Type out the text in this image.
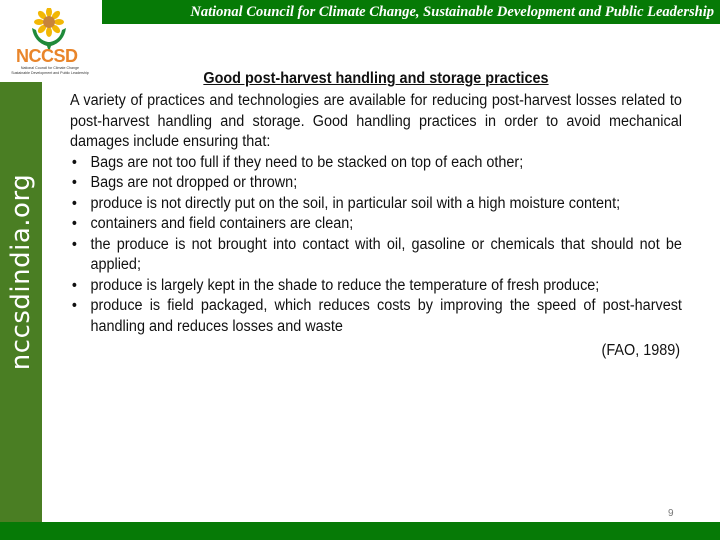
National Council for Climate Change, Sustainable Development and Public Leadership
NCCSD
National Council for Climate Change
Sustainable Development and Public Leadership
nccsdindia.org
Good post-harvest handling and storage practices

A variety of practices and technologies are available for reducing post-harvest losses related to post-harvest handling and storage. Good handling practices in order to avoid mechanical damages include ensuring that:

• Bags are not too full if they need to be stacked on top of each other;
• Bags are not dropped or thrown;
• produce is not directly put on the soil, in particular soil with a high moisture content;
• containers and field containers are clean;
• the produce is not brought into contact with oil, gasoline or chemicals that should not be applied;
• produce is largely kept in the shade to reduce the temperature of fresh produce;
• produce is field packaged, which reduces costs by improving the speed of post-harvest handling and reduces losses and waste
(FAO, 1989)
9
